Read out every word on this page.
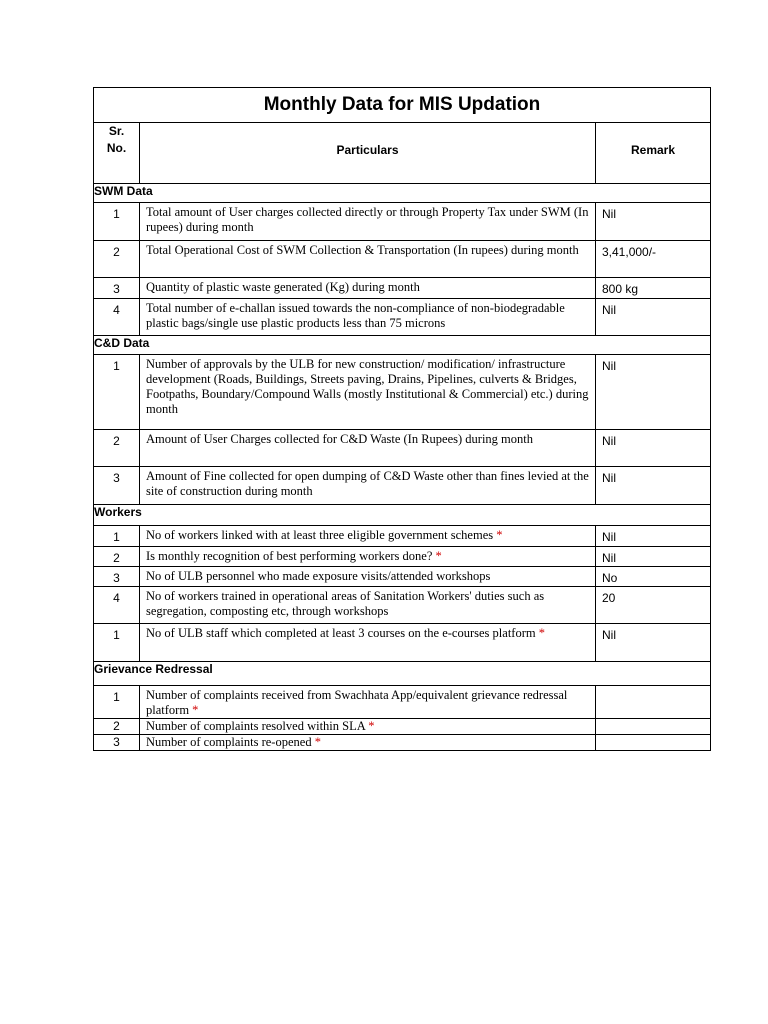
Monthly Data for MIS Updation		
Sr.
No.	Particulars	Remark
SWM Data		
1	Total amount of User charges collected directly or through Property Tax under SWM (In rupees) during month	Nil
2	Total Operational Cost of SWM Collection & Transportation (In rupees) during month	3,41,000/-
3	Quantity of plastic waste generated (Kg) during month	800 kg
4	Total number of e-challan issued towards the non-compliance of non-biodegradable plastic bags/single use plastic products less than 75 microns	Nil
C&D Data		
1	Number of approvals by the ULB for new construction/ modification/ infrastructure development (Roads, Buildings, Streets paving, Drains, Pipelines, culverts & Bridges, Footpaths, Boundary/Compound Walls (mostly Institutional & Commercial) etc.) during month	Nil
2	Amount of User Charges collected for C&D Waste (In Rupees) during month	Nil
3	Amount of Fine collected for open dumping of C&D Waste other than fines levied at the site of construction during month	Nil
Workers		
1	No of workers linked with at least three eligible government schemes *	Nil
2	Is monthly recognition of best performing workers done? *	Nil
3	No of ULB personnel who made exposure visits/attended workshops	No
4	No of workers trained in operational areas of Sanitation Workers' duties such as segregation, composting etc, through workshops	20
1	No of ULB staff which completed at least 3 courses on the e-courses platform *	Nil
Grievance Redressal		
1	Number of complaints received from Swachhata App/equivalent grievance redressal platform *	
2	Number of complaints resolved within SLA *	
3	Number of complaints re-opened *	
